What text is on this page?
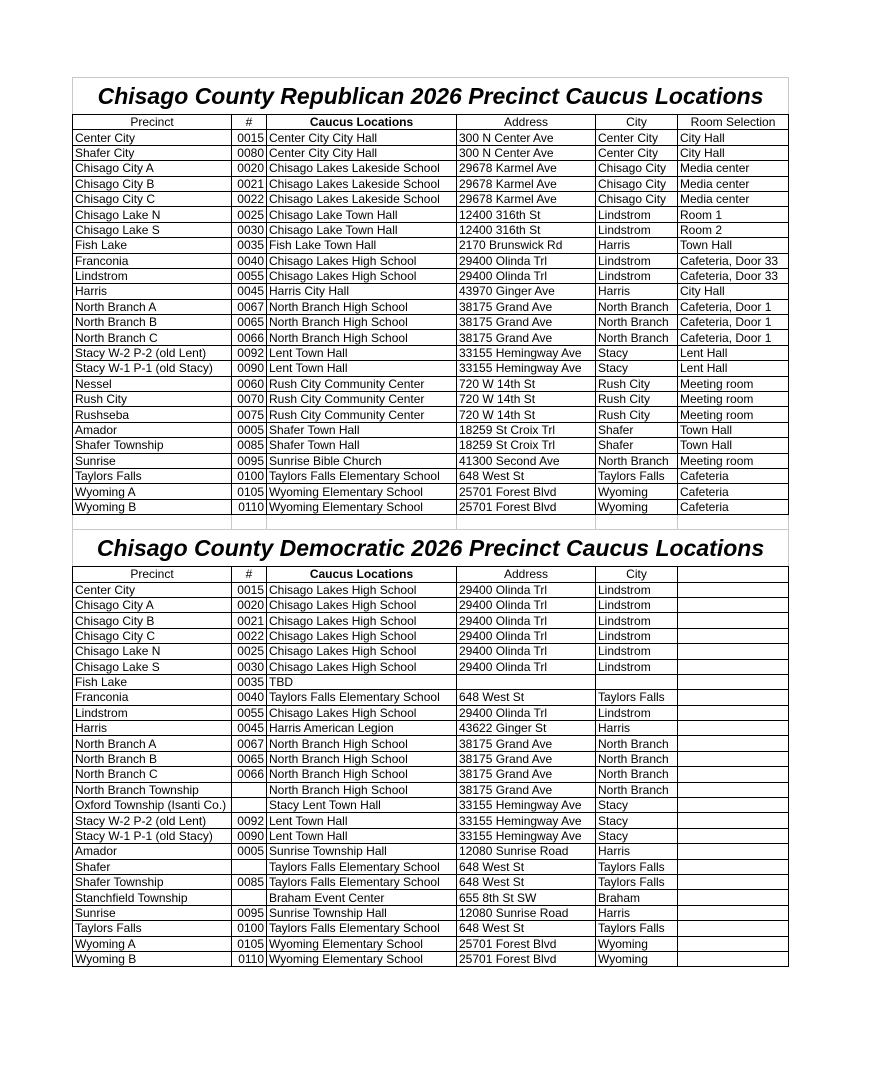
Chisago County Republican 2026 Precinct Caucus Locations					
Precinct	#	Caucus Locations	Address	City	Room Selection
Center City	0015	Center City City Hall	300 N Center Ave	Center City	City Hall
Shafer City	0080	Center City City Hall	300 N Center Ave	Center City	City Hall
Chisago City A	0020	Chisago Lakes Lakeside School	29678 Karmel Ave	Chisago City	Media center
Chisago City B	0021	Chisago Lakes Lakeside School	29678 Karmel Ave	Chisago City	Media center
Chisago City C	0022	Chisago Lakes Lakeside School	29678 Karmel Ave	Chisago City	Media center
Chisago Lake N	0025	Chisago Lake Town Hall	12400 316th St	Lindstrom	Room 1
Chisago Lake S	0030	Chisago Lake Town Hall	12400 316th St	Lindstrom	Room 2
Fish Lake	0035	Fish Lake Town Hall	2170 Brunswick Rd	Harris	Town Hall
Franconia	0040	Chisago Lakes High School	29400 Olinda Trl	Lindstrom	Cafeteria, Door 33
Lindstrom	0055	Chisago Lakes High School	29400 Olinda Trl	Lindstrom	Cafeteria, Door 33
Harris	0045	Harris City Hall	43970 Ginger Ave	Harris	City Hall
North Branch A	0067	North Branch High School	38175 Grand Ave	North Branch	Cafeteria, Door 1
North Branch B	0065	North Branch High School	38175 Grand Ave	North Branch	Cafeteria, Door 1
North Branch C	0066	North Branch High School	38175 Grand Ave	North Branch	Cafeteria, Door 1
Stacy W-2 P-2 (old Lent)	0092	Lent Town Hall	33155 Hemingway Ave	Stacy	Lent Hall
Stacy W-1 P-1 (old Stacy)	0090	Lent Town Hall	33155 Hemingway Ave	Stacy	Lent Hall
Nessel	0060	Rush City Community Center	720 W 14th St	Rush City	Meeting room
Rush City	0070	Rush City Community Center	720 W 14th St	Rush City	Meeting room
Rushseba	0075	Rush City Community Center	720 W 14th St	Rush City	Meeting room
Amador	0005	Shafer Town Hall	18259 St Croix Trl	Shafer	Town Hall
Shafer Township	0085	Shafer Town Hall	18259 St Croix Trl	Shafer	Town Hall
Sunrise	0095	Sunrise Bible Church	41300 Second Ave	North Branch	Meeting room
Taylors Falls	0100	Taylors Falls Elementary School	648 West St	Taylors Falls	Cafeteria
Wyoming A	0105	Wyoming Elementary School	25701 Forest Blvd	Wyoming	Cafeteria
Wyoming B	0110	Wyoming Elementary School	25701 Forest Blvd	Wyoming	Cafeteria

Chisago County Democratic 2026 Precinct Caucus Locations					
Precinct	#	Caucus Locations	Address	City	
Center City	0015	Chisago Lakes High School	29400 Olinda Trl	Lindstrom	
Chisago City A	0020	Chisago Lakes High School	29400 Olinda Trl	Lindstrom	
Chisago City B	0021	Chisago Lakes High School	29400 Olinda Trl	Lindstrom	
Chisago City C	0022	Chisago Lakes High School	29400 Olinda Trl	Lindstrom	
Chisago Lake N	0025	Chisago Lakes High School	29400 Olinda Trl	Lindstrom	
Chisago Lake S	0030	Chisago Lakes High School	29400 Olinda Trl	Lindstrom	
Fish Lake	0035	TBD			
Franconia	0040	Taylors Falls Elementary School	648 West St	Taylors Falls	
Lindstrom	0055	Chisago Lakes High School	29400 Olinda Trl	Lindstrom	
Harris	0045	Harris American Legion	43622 Ginger St	Harris	
North Branch A	0067	North Branch High School	38175 Grand Ave	North Branch	
North Branch B	0065	North Branch High School	38175 Grand Ave	North Branch	
North Branch C	0066	North Branch High School	38175 Grand Ave	North Branch	
North Branch Township		North Branch High School	38175 Grand Ave	North Branch	
Oxford Township (Isanti Co.)		Stacy Lent Town Hall	33155 Hemingway Ave	Stacy	
Stacy W-2 P-2 (old Lent)	0092	Lent Town Hall	33155 Hemingway Ave	Stacy	
Stacy W-1 P-1 (old Stacy)	0090	Lent Town Hall	33155 Hemingway Ave	Stacy	
Amador	0005	Sunrise Township Hall	12080 Sunrise Road	Harris	
Shafer		Taylors Falls Elementary School	648 West St	Taylors Falls	
Shafer Township	0085	Taylors Falls Elementary School	648 West St	Taylors Falls	
Stanchfield Township		Braham Event Center	655 8th St SW	Braham	
Sunrise	0095	Sunrise Township Hall	12080 Sunrise Road	Harris	
Taylors Falls	0100	Taylors Falls Elementary School	648 West St	Taylors Falls	
Wyoming A	0105	Wyoming Elementary School	25701 Forest Blvd	Wyoming	
Wyoming B	0110	Wyoming Elementary School	25701 Forest Blvd	Wyoming	
